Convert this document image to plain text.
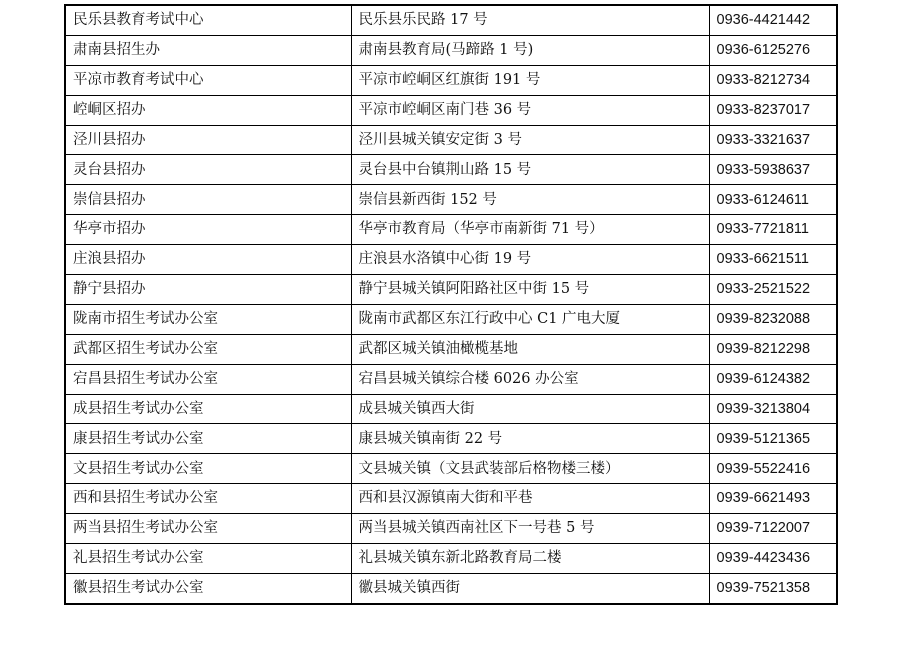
民乐县教育考试中心	民乐县乐民路 17 号	0936-4421442
肃南县招生办	肃南县教育局(马蹄路 1 号)	0936-6125276
平凉市教育考试中心	平凉市崆峒区红旗街 191 号	0933-8212734
崆峒区招办	平凉市崆峒区南门巷 36 号	0933-8237017
泾川县招办	泾川县城关镇安定街 3 号	0933-3321637
灵台县招办	灵台县中台镇荆山路 15 号	0933-5938637
崇信县招办	崇信县新西街 152 号	0933-6124611
华亭市招办	华亭市教育局（华亭市南新街 71 号）	0933-7721811
庄浪县招办	庄浪县水洛镇中心街 19 号	0933-6621511
静宁县招办	静宁县城关镇阿阳路社区中街 15 号	0933-2521522
陇南市招生考试办公室	陇南市武都区东江行政中心 C1 广电大厦	0939-8232088
武都区招生考试办公室	武都区城关镇油橄榄基地	0939-8212298
宕昌县招生考试办公室	宕昌县城关镇综合楼 6026 办公室	0939-6124382
成县招生考试办公室	成县城关镇西大街	0939-3213804
康县招生考试办公室	康县城关镇南街 22 号	0939-5121365
文县招生考试办公室	文县城关镇（文县武装部后格物楼三楼）	0939-5522416
西和县招生考试办公室	西和县汉源镇南大街和平巷	0939-6621493
两当县招生考试办公室	两当县城关镇西南社区下一号巷 5 号	0939-7122007
礼县招生考试办公室	礼县城关镇东新北路教育局二楼	0939-4423436
徽县招生考试办公室	徽县城关镇西街	0939-7521358
